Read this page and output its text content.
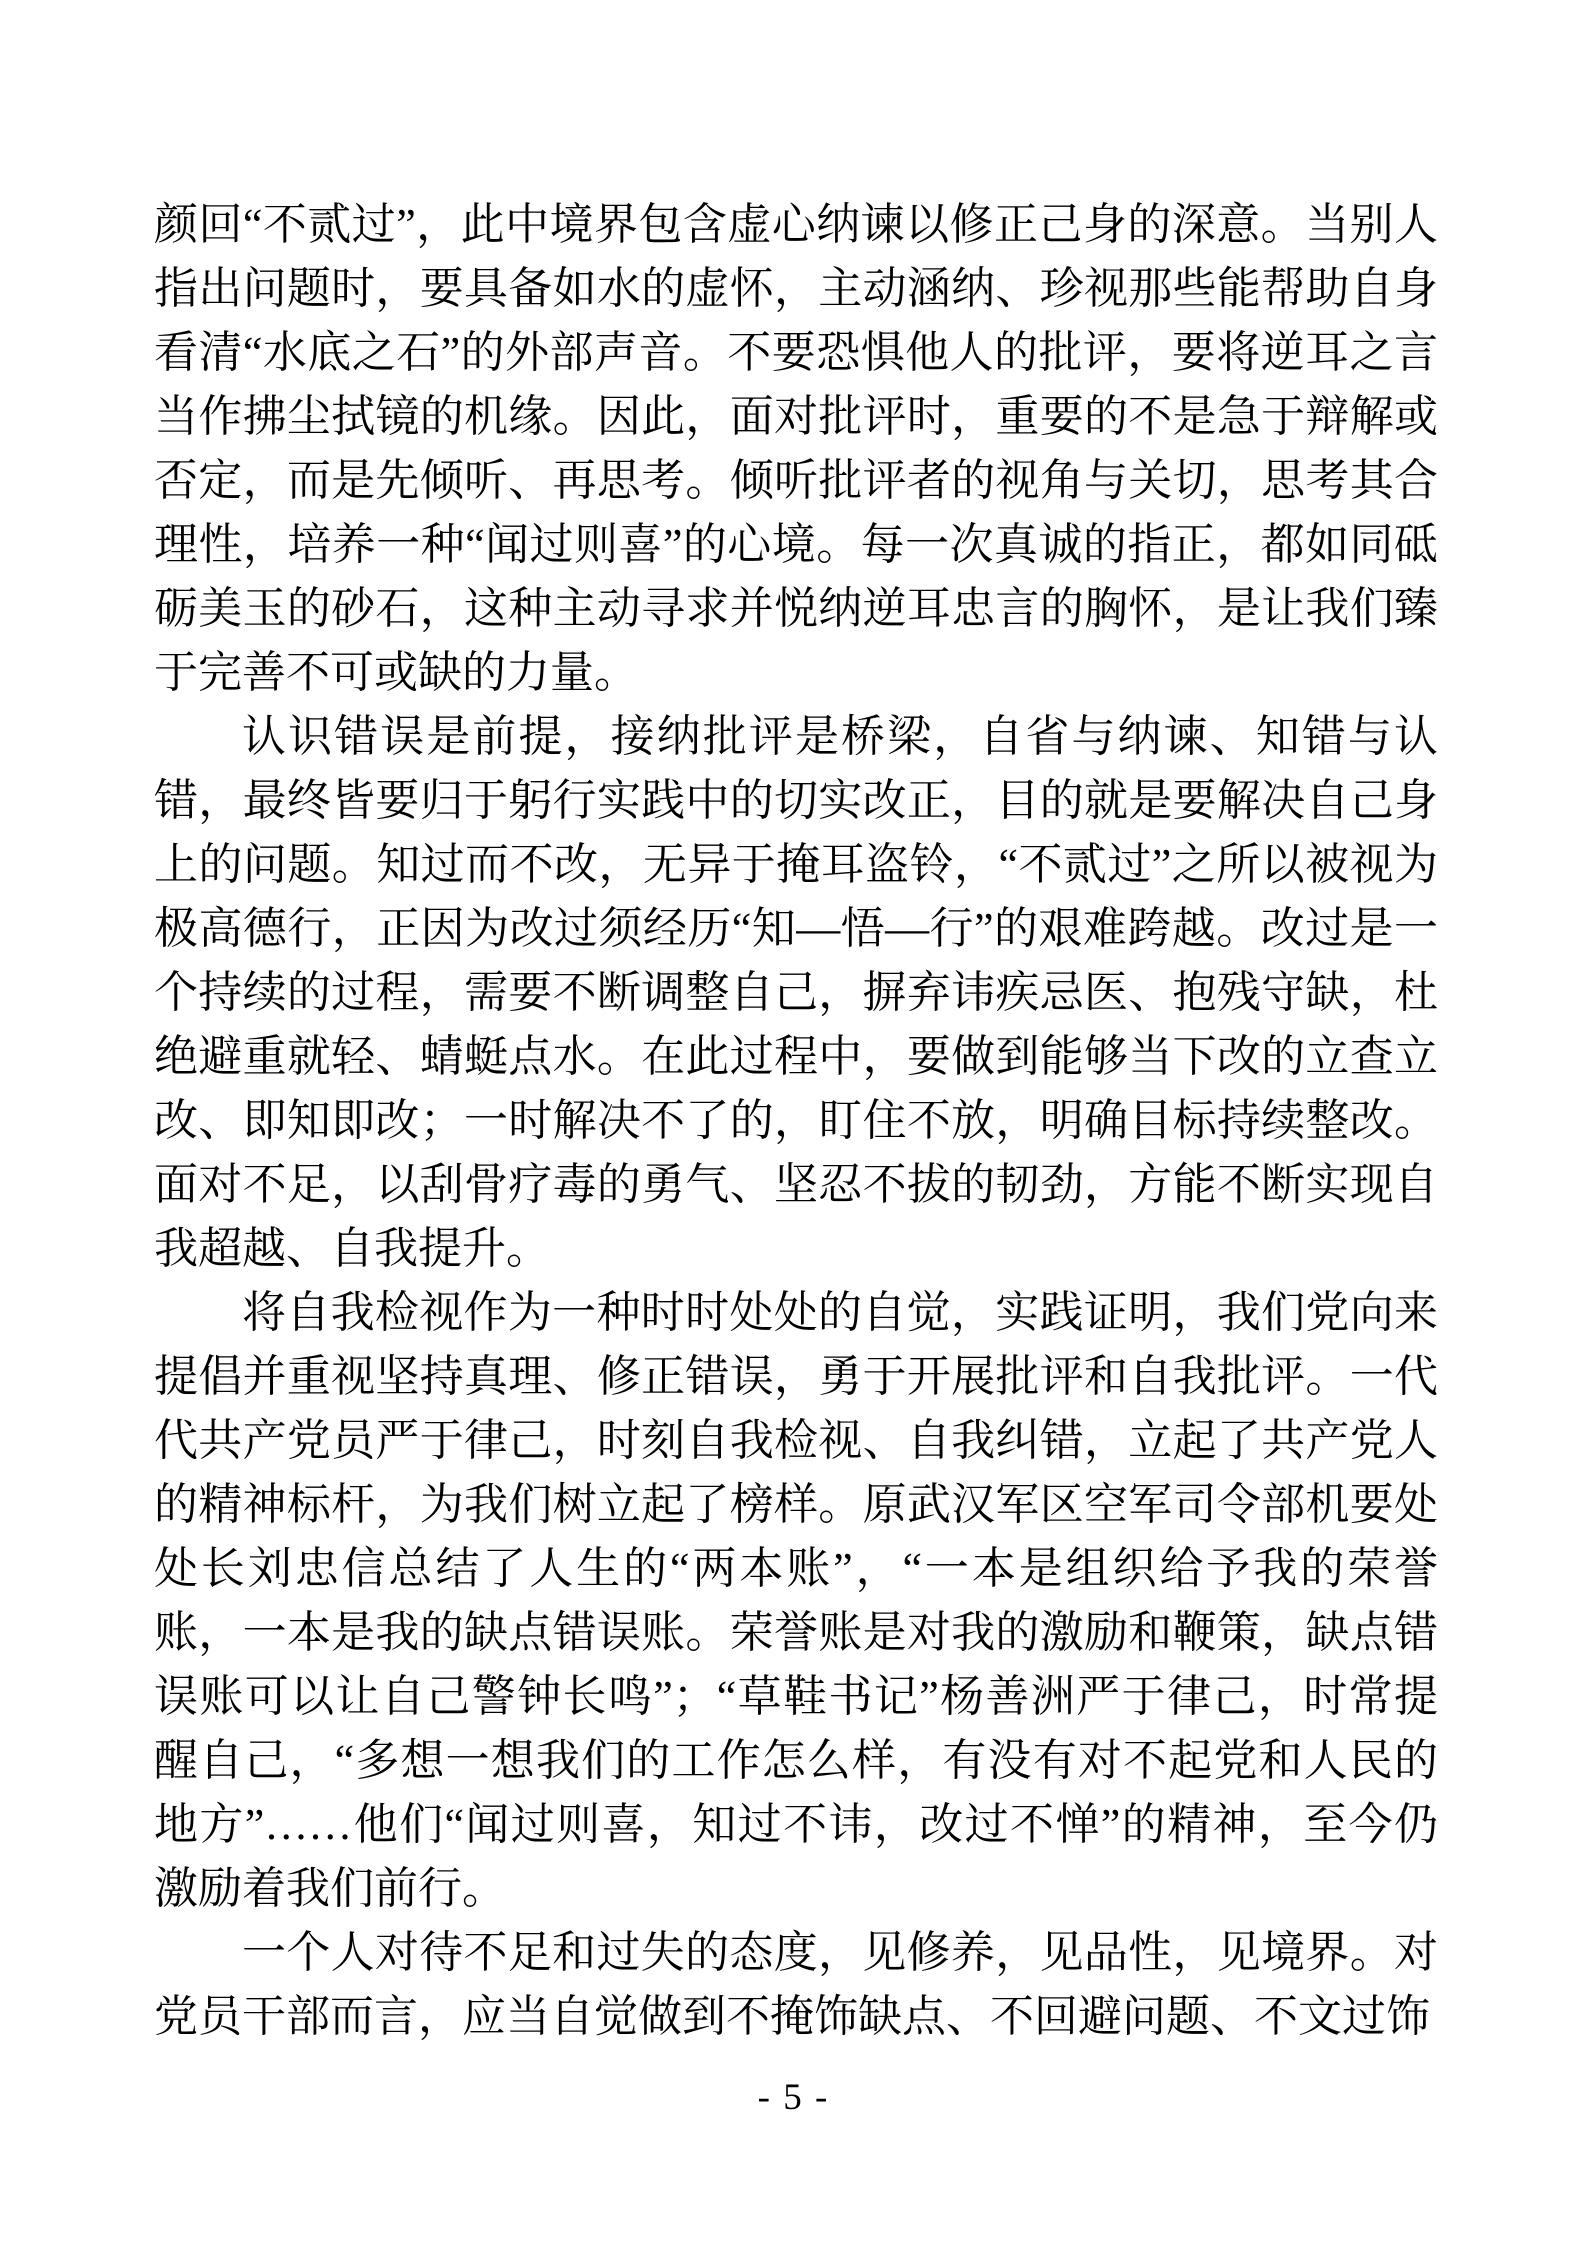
颜回“不贰过”，此中境界包含虚心纳谏以修正己身的深意。当别人指出问题时，要具备如水的虚怀，主动涵纳、珍视那些能帮助自身看清“水底之石”的外部声音。不要恐惧他人的批评，要将逆耳之言当作拂尘拭镜的机缘。因此，面对批评时，重要的不是急于辩解或否定，而是先倾听、再思考。倾听批评者的视角与关切，思考其合理性，培养一种“闻过则喜”的心境。每一次真诚的指正，都如同砥砺美玉的砂石，这种主动寻求并悦纳逆耳忠言的胸怀，是让我们臻于完善不可或缺的力量。

认识错误是前提，接纳批评是桥梁，自省与纳谏、知错与认错，最终皆要归于躬行实践中的切实改正，目的就是要解决自己身上的问题。知过而不改，无异于掩耳盗铃，“不贰过”之所以被视为极高德行，正因为改过须经历“知—悟—行”的艰难跨越。改过是一个持续的过程，需要不断调整自己，摒弃讳疾忌医、抱残守缺，杜绝避重就轻、蜻蜓点水。在此过程中，要做到能够当下改的立查立改、即知即改；一时解决不了的，盯住不放，明确目标持续整改。面对不足，以刮骨疗毒的勇气、坚忍不拔的韧劲，方能不断实现自我超越、自我提升。

将自我检视作为一种时时处处的自觉，实践证明，我们党向来提倡并重视坚持真理、修正错误，勇于开展批评和自我批评。一代代共产党员严于律己，时刻自我检视、自我纠错，立起了共产党人的精神标杆，为我们树立起了榜样。原武汉军区空军司令部机要处处长刘忠信总结了人生的“两本账”，“一本是组织给予我的荣誉账，一本是我的缺点错误账。荣誉账是对我的激励和鞭策，缺点错误账可以让自己警钟长鸣”；“草鞋书记”杨善洲严于律己，时常提醒自己，“多想一想我们的工作怎么样，有没有对不起党和人民的地方”……他们“闻过则喜，知过不讳，改过不惮”的精神，至今仍激励着我们前行。

一个人对待不足和过失的态度，见修养，见品性，见境界。对党员干部而言，应当自觉做到不掩饰缺点、不回避问题、不文过饰

- 5 -
